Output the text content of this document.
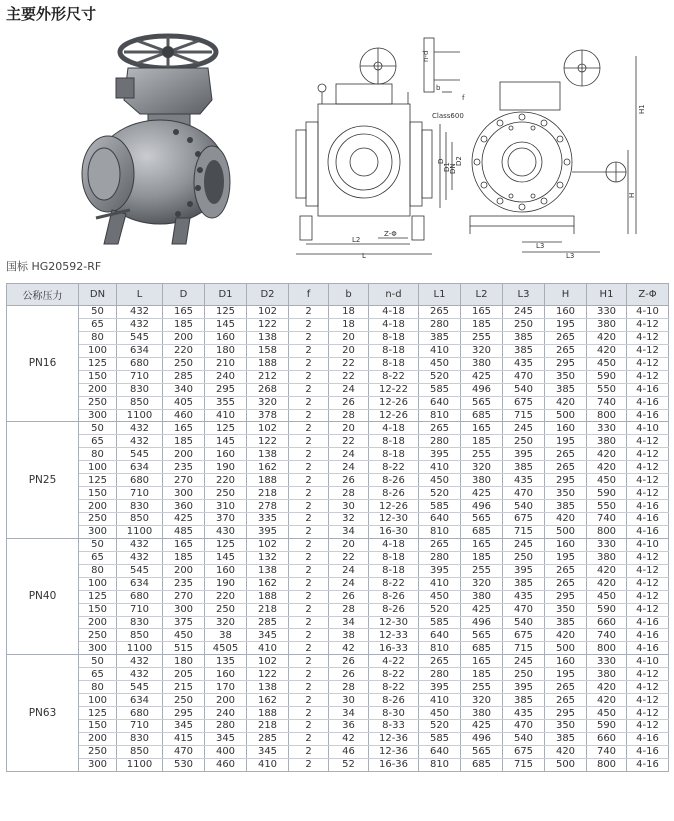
主要外形尺寸
L2
L
Z-Φ
Class600
n-d
b
f
DN
D1
D2
D
H1
H
L3
L3
国标 HG20592-RF
公称压力	DN	L	D	D1	D2	f	b	n-d	L1	L2	L3	H	H1	Z-Φ
PN16	50	432	165	125	102	2	18	4-18	265	165	245	160	330	4-10
	65	432	185	145	122	2	18	4-18	280	185	250	195	380	4-12
	80	545	200	160	138	2	20	8-18	385	255	385	265	420	4-12
	100	634	220	180	158	2	20	8-18	410	320	385	265	420	4-12
	125	680	250	210	188	2	22	8-18	450	380	435	295	450	4-12
	150	710	285	240	212	2	22	8-22	520	425	470	350	590	4-12
	200	830	340	295	268	2	24	12-22	585	496	540	385	550	4-16
	250	850	405	355	320	2	26	12-26	640	565	675	420	740	4-16
	300	1100	460	410	378	2	28	12-26	810	685	715	500	800	4-16
PN25	50	432	165	125	102	2	20	4-18	265	165	245	160	330	4-10
	65	432	185	145	122	2	22	8-18	280	185	250	195	380	4-12
	80	545	200	160	138	2	24	8-18	395	255	395	265	420	4-12
	100	634	235	190	162	2	24	8-22	410	320	385	265	420	4-12
	125	680	270	220	188	2	26	8-26	450	380	435	295	450	4-12
	150	710	300	250	218	2	28	8-26	520	425	470	350	590	4-12
	200	830	360	310	278	2	30	12-26	585	496	540	385	550	4-16
	250	850	425	370	335	2	32	12-30	640	565	675	420	740	4-16
	300	1100	485	430	395	2	34	16-30	810	685	715	500	800	4-16
PN40	50	432	165	125	102	2	20	4-18	265	165	245	160	330	4-10
	65	432	185	145	132	2	22	8-18	280	185	250	195	380	4-12
	80	545	200	160	138	2	24	8-18	395	255	395	265	420	4-12
	100	634	235	190	162	2	24	8-22	410	320	385	265	420	4-12
	125	680	270	220	188	2	26	8-26	450	380	435	295	450	4-12
	150	710	300	250	218	2	28	8-26	520	425	470	350	590	4-12
	200	830	375	320	285	2	34	12-30	585	496	540	385	660	4-16
	250	850	450	38	345	2	38	12-33	640	565	675	420	740	4-16
	300	1100	515	4505	410	2	42	16-33	810	685	715	500	800	4-16
PN63	50	432	180	135	102	2	26	4-22	265	165	245	160	330	4-10
	65	432	205	160	122	2	26	8-22	280	185	250	195	380	4-12
	80	545	215	170	138	2	28	8-22	395	255	395	265	420	4-12
	100	634	250	200	162	2	30	8-26	410	320	385	265	420	4-12
	125	680	295	240	188	2	34	8-30	450	380	435	295	450	4-12
	150	710	345	280	218	2	36	8-33	520	425	470	350	590	4-12
	200	830	415	345	285	2	42	12-36	585	496	540	385	660	4-16
	250	850	470	400	345	2	46	12-36	640	565	675	420	740	4-16
	300	1100	530	460	410	2	52	16-36	810	685	715	500	800	4-16
